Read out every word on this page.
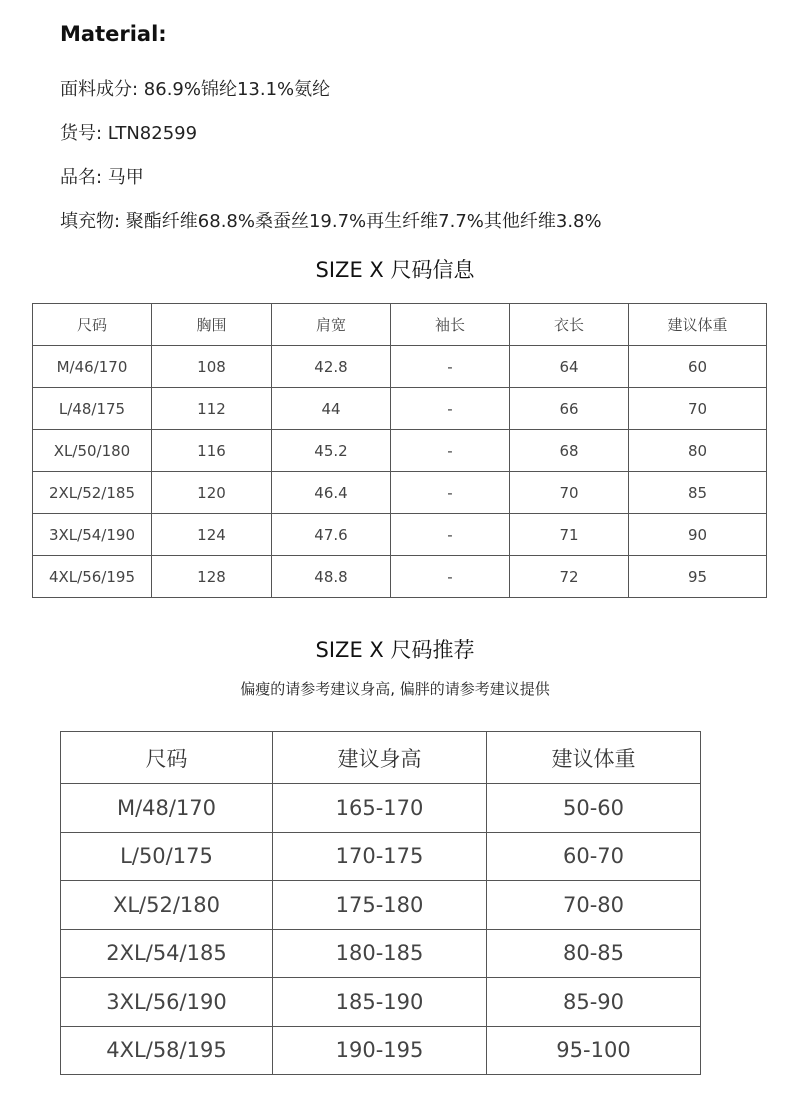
Material:
面料成分: 86.9%锦纶13.1%氨纶
货号: LTN82599
品名: 马甲
填充物: 聚酯纤维68.8%桑蚕丝19.7%再生纤维7.7%其他纤维3.8%
SIZE X 尺码信息
尺码	胸围	肩宽	袖长	衣长	建议体重
M/46/170	108	42.8	-	64	60
L/48/175	112	44	-	66	70
XL/50/180	116	45.2	-	68	80
2XL/52/185	120	46.4	-	70	85
3XL/54/190	124	47.6	-	71	90
4XL/56/195	128	48.8	-	72	95
SIZE X 尺码推荐
偏瘦的请参考建议身高, 偏胖的请参考建议提供
尺码	建议身高	建议体重
M/48/170	165-170	50-60
L/50/175	170-175	60-70
XL/52/180	175-180	70-80
2XL/54/185	180-185	80-85
3XL/56/190	185-190	85-90
4XL/58/195	190-195	95-100
